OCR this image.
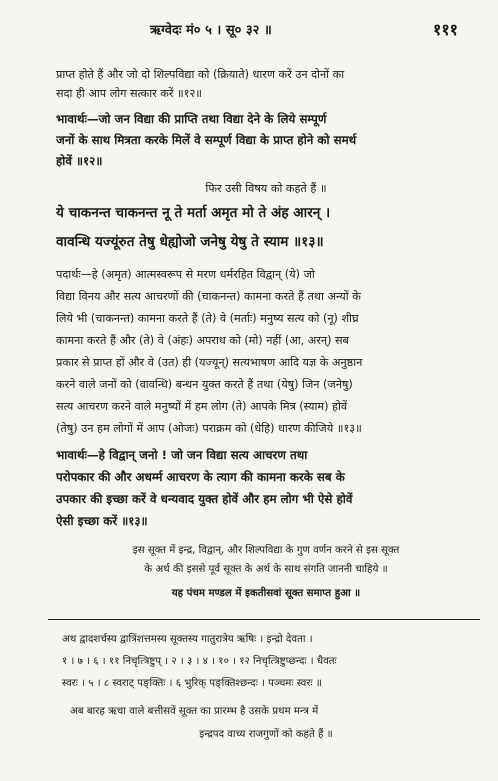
ऋग्वेदः मं० ५ । सू० ३२ ॥	१११
प्राप्त होते हैं और जो दो शिल्पविद्या को (क्रियाते) धारण करें उन दोनों का
सदा ही आप लोग सत्कार करें ॥१२॥
भावार्थः—जो जन विद्या की प्राप्ति तथा विद्या देने के लिये सम्पूर्ण
जनों के साथ मित्रता करके मिलें वे सम्पूर्ण विद्या के प्राप्त होने को समर्थ
होवें ॥१२॥
फिर उसी विषय को कहते हैं ॥
ये चाकनन्त चाकनन्त नू ते मर्ता अमृत मो ते अंह आरन् ।
वावन्धि यज्यूंरुत तेषु धेह्योजो जनेषु येषु ते स्याम ॥१३॥
पदार्थः—हे (अमृत) आत्मस्वरूप से मरण धर्मरहित विद्वान् (ये) जो
विद्या विनय और सत्य आचरणों की (चाकनन्त) कामना करते हैं तथा अन्यों के
लिये भी (चाकनन्त) कामना करते हैं (ते) वे (मर्ताः) मनुष्य सत्य को (नू) शीघ्र
कामना करते हैं और (ते) वे (अंहः) अपराध को (मो) नहीं (आ, अरन्) सब
प्रकार से प्राप्त हों और वे (उत) ही (यज्यून्) सत्यभाषण आदि यज्ञ के अनुष्ठान
करने वाले जनों को (वावन्धि) बन्धन युक्त करते हैं तथा (येषु) जिन (जनेषु)
सत्य आचरण करने वाले मनुष्यों में हम लोग (ते) आपके मित्र (स्याम) होवें
(तेषु) उन हम लोगों में आप (ओजः) पराक्रम को (धेहि) धारण कीजिये ॥१३॥
भावार्थः—हे विद्वान् जनो ! जो जन विद्या सत्य आचरण तथा
परोपकार की और अधर्म्म आचरण के त्याग की कामना करके सब के
उपकार की इच्छा करें वे धन्यवाद युक्त होवें और हम लोग भी ऐसे होवें
ऐसी इच्छा करें ॥१३॥
इस सूक्त में इन्द्र, विद्वान्, और शिल्पविद्या के गुण वर्णन करने से इस सूक्त
के अर्थ की इससे पूर्व सूक्त के अर्थ के साथ संगति जाननी चाहिये ॥
यह पंचम मण्डल में इकतीसवां सूक्त समाप्त हुआ ॥
अथ द्वादशर्चस्य द्वात्रिंशत्तमस्य सूक्तस्य गातुरात्रेय ऋषिः । इन्द्रो देवता ।
१ । ७ । ६ । ११ निचृत्त्रिष्टुप् । २ । ३ । ४ । १० । १२ निचृत्त्रिष्टुप्छन्दः । धैवतः
स्वरः । ५ । ८ स्वराट् पङ्क्तिः । ६ भुरिक् पङ्क्तिश्छन्दः । पञ्चमः स्वरः ॥
अब बारह ऋचा वाले बत्तीसवें सूक्त का प्रारम्भ है उसके प्रथम मन्त्र में
इन्द्रपद वाच्य राजगुणों को कहते हैं ॥
